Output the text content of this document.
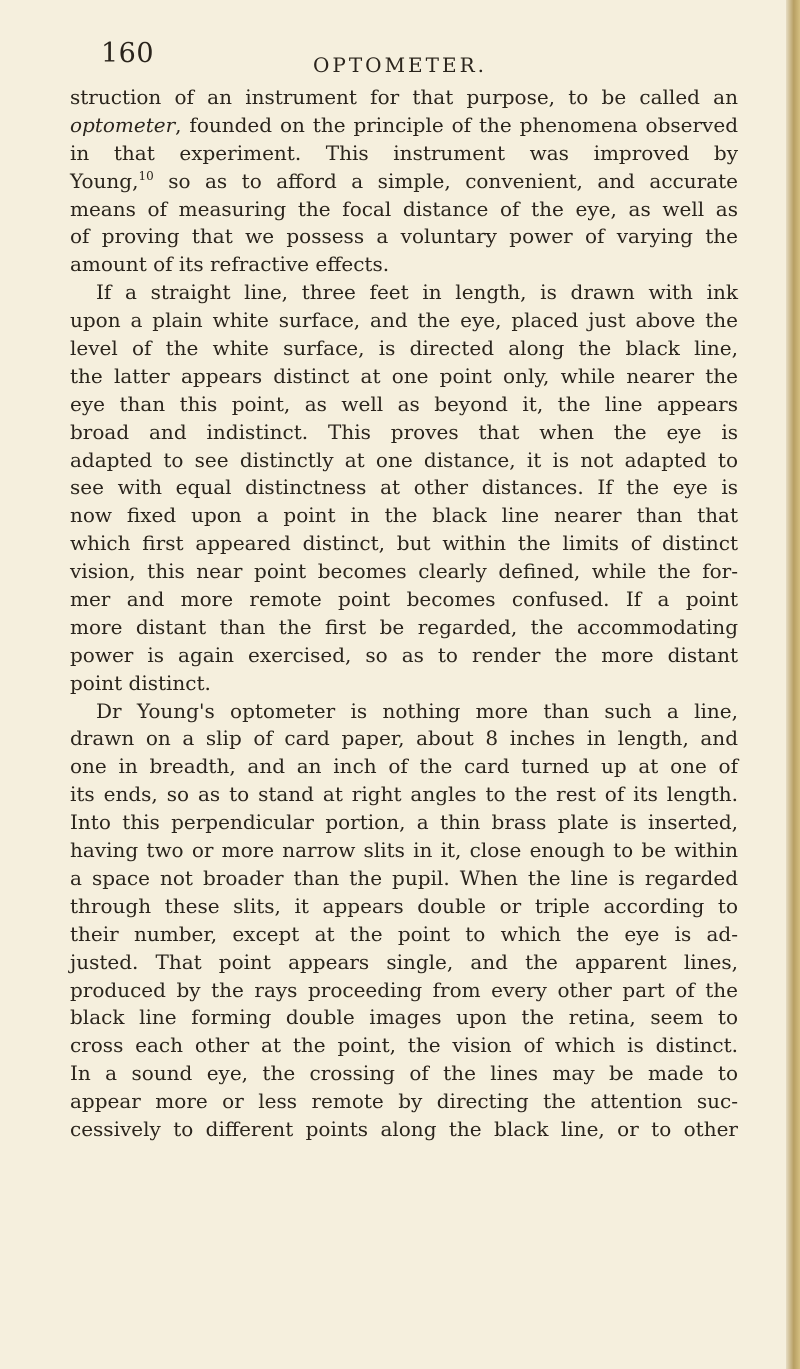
160	OPTOMETER.
struction of an instrument for that purpose, to be called an
optometer, founded on the principle of the phenomena observed
in that experiment. This instrument was improved by
Young,$^{10}$ so as to afford a simple, convenient, and accurate
means of measuring the focal distance of the eye, as well as
of proving that we possess a voluntary power of varying the
amount of its refractive effects.
If a straight line, three feet in length, is drawn with ink
upon a plain white surface, and the eye, placed just above the
level of the white surface, is directed along the black line,
the latter appears distinct at one point only, while nearer the
eye than this point, as well as beyond it, the line appears
broad and indistinct. This proves that when the eye is
adapted to see distinctly at one distance, it is not adapted to
see with equal distinctness at other distances. If the eye is
now fixed upon a point in the black line nearer than that
which first appeared distinct, but within the limits of distinct
vision, this near point becomes clearly defined, while the for-
mer and more remote point becomes confused. If a point
more distant than the first be regarded, the accommodating
power is again exercised, so as to render the more distant
point distinct.
Dr Young's optometer is nothing more than such a line,
drawn on a slip of card paper, about 8 inches in length, and
one in breadth, and an inch of the card turned up at one of
its ends, so as to stand at right angles to the rest of its length.
Into this perpendicular portion, a thin brass plate is inserted,
having two or more narrow slits in it, close enough to be within
a space not broader than the pupil. When the line is regarded
through these slits, it appears double or triple according to
their number, except at the point to which the eye is ad-
justed. That point appears single, and the apparent lines,
produced by the rays proceeding from every other part of the
black line forming double images upon the retina, seem to
cross each other at the point, the vision of which is distinct.
In a sound eye, the crossing of the lines may be made to
appear more or less remote by directing the attention suc-
cessively to different points along the black line, or to other
